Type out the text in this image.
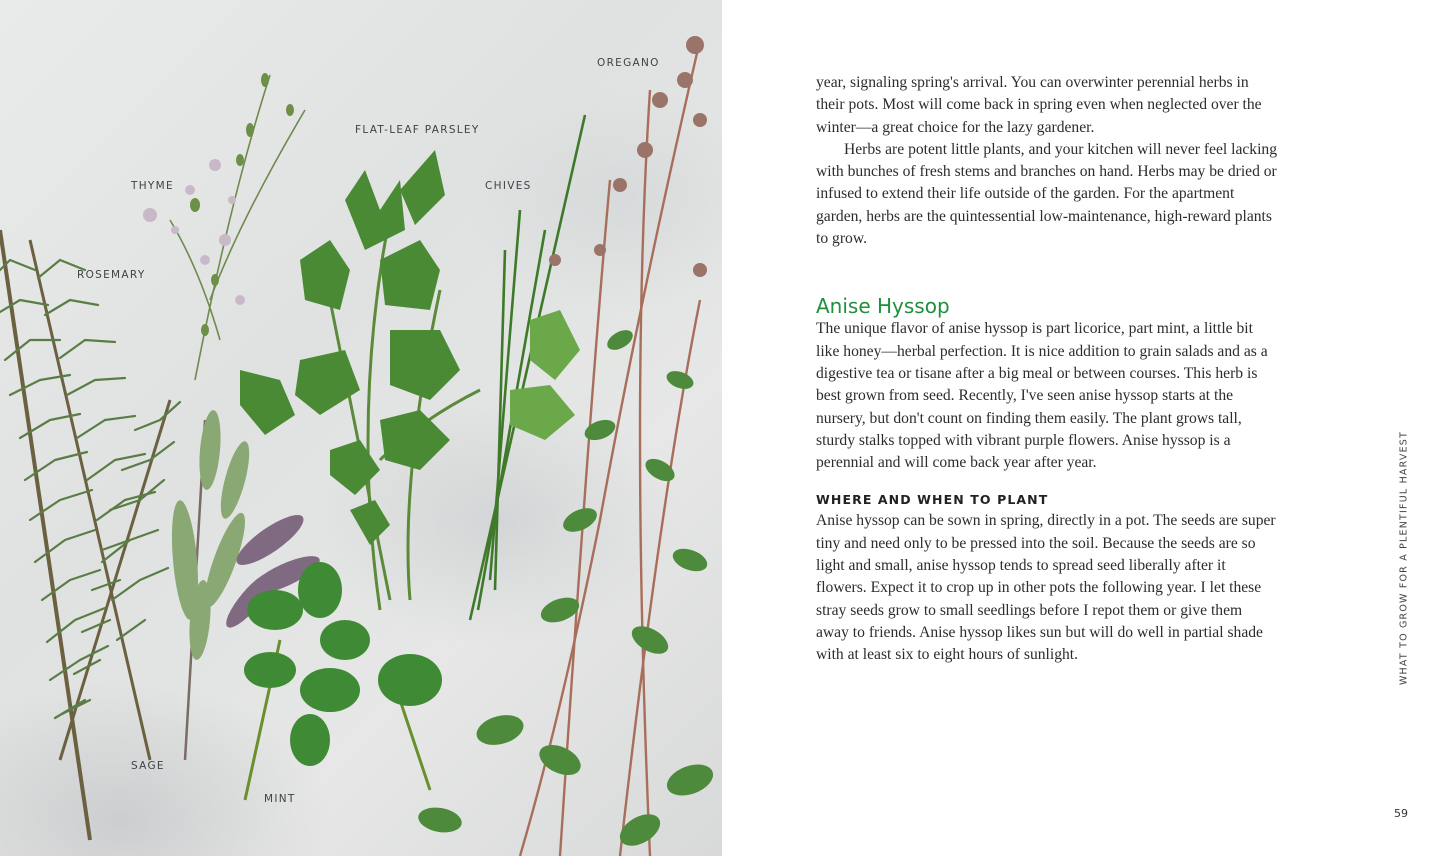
OREGANO
FLAT-LEAF PARSLEY
THYME	CHIVES
ROSEMARY
SAGE
MINT

year, signaling spring's arrival. You can overwinter perennial herbs in their pots. Most will come back in spring even when neglected over the winter—a great choice for the lazy gardener.

Herbs are potent little plants, and your kitchen will never feel lacking with bunches of fresh stems and branches on hand. Herbs may be dried or infused to extend their life outside of the garden. For the apartment garden, herbs are the quintessential low-maintenance, high-reward plants to grow.

Anise Hyssop

The unique flavor of anise hyssop is part licorice, part mint, a little bit like honey—herbal perfection. It is nice addition to grain salads and as a digestive tea or tisane after a big meal or between courses. This herb is best grown from seed. Recently, I've seen anise hyssop starts at the nursery, but don't count on finding them easily. The plant grows tall, sturdy stalks topped with vibrant purple flowers. Anise hyssop is a perennial and will come back year after year.

WHERE AND WHEN TO PLANT

Anise hyssop can be sown in spring, directly in a pot. The seeds are super tiny and need only to be pressed into the soil. Because the seeds are so light and small, anise hyssop tends to spread seed liberally after it flowers. Expect it to crop up in other pots the following year. I let these stray seeds grow to small seedlings before I repot them or give them away to friends. Anise hyssop likes sun but will do well in partial shade with at least six to eight hours of sunlight.	WHAT TO GROW FOR A PLENTIFUL HARVEST
59
